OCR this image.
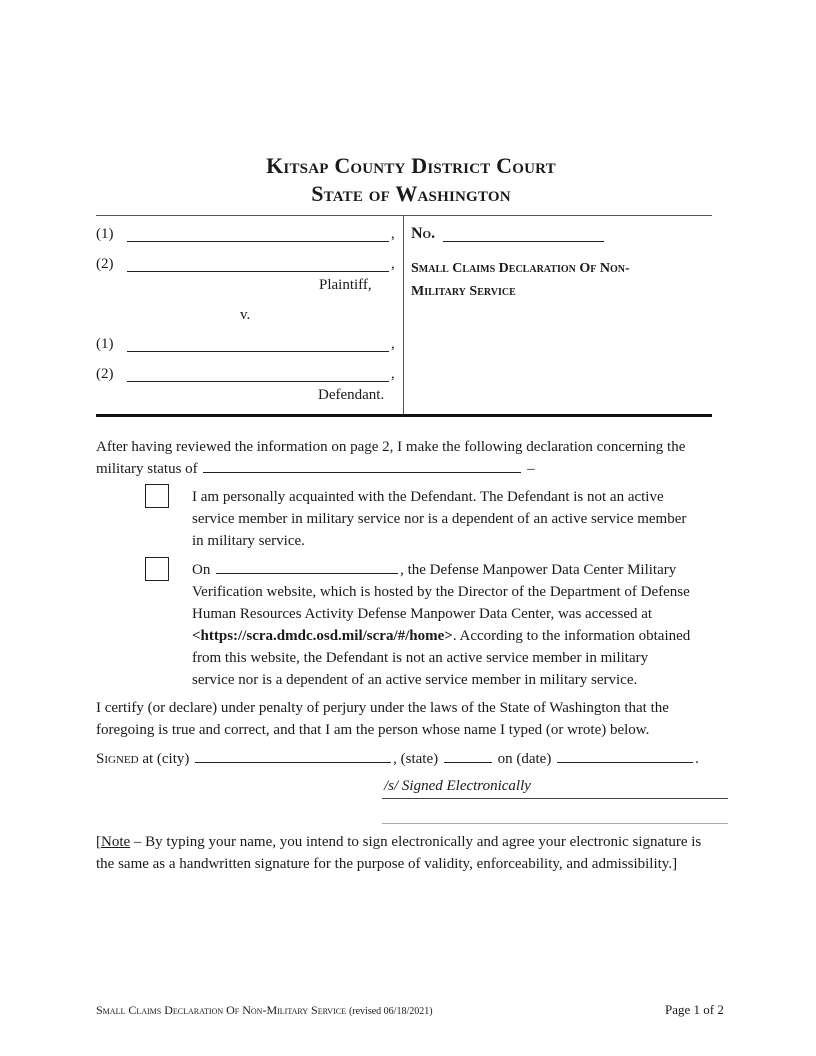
Kitsap County District Court
State of Washington
(1)	,
(2)	,
Plaintiff,
v.
(1)	,
(2)	,
Defendant.
No.
Small Claims Declaration Of Non-
Military Service
After having reviewed the information on page 2, I make the following declaration concerning the
military status of	–
I am personally acquainted with the Defendant. The Defendant is not an active
service member in military service nor is a dependent of an active service member
in military service.
On	, the Defense Manpower Data Center Military
Verification website, which is hosted by the Director of the Department of Defense
Human Resources Activity Defense Manpower Data Center, was accessed at
<https://scra.dmdc.osd.mil/scra/#/home>. According to the information obtained
from this website, the Defendant is not an active service member in military
service nor is a dependent of an active service member in military service.
I certify (or declare) under penalty of perjury under the laws of the State of Washington that the
foregoing is true and correct, and that I am the person whose name I typed (or wrote) below.
Signed at (city)	, (state)	on (date)	.
/s/ Signed Electronically
[Note – By typing your name, you intend to sign electronically and agree your electronic signature is
the same as a handwritten signature for the purpose of validity, enforceability, and admissibility.]
Small Claims Declaration Of Non-Military Service (revised 06/18/2021)	Page 1 of 2
